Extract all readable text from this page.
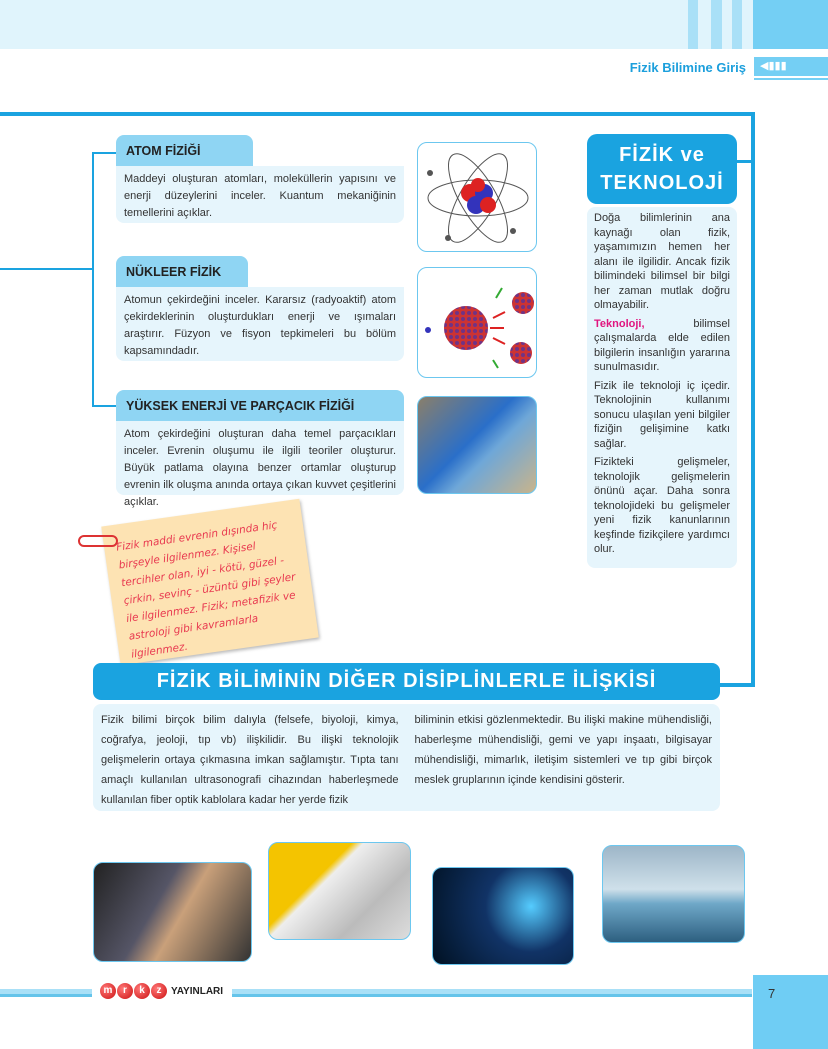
Fizik Bilimine Giriş	◀▮▮▮
ATOM FİZİĞİ
Maddeyi oluşturan atomları, moleküllerin yapısını ve enerji düzeylerini inceler. Kuantum mekaniğinin temellerini açıklar.
NÜKLEER FİZİK
Atomun çekirdeğini inceler. Kararsız (radyoaktif) atom çekirdeklerinin oluşturdukları enerji ve ışımaları araştırır. Füzyon ve fisyon tepkimeleri bu bölüm kapsamındadır.
YÜKSEK ENERJİ VE PARÇACIK FİZİĞİ
Atom çekirdeğini oluşturan daha temel parçacıkları inceler. Evrenin oluşumu ile ilgili teoriler oluşturur. Büyük patlama olayına benzer ortamlar oluşturup evrenin ilk oluşma anında ortaya çıkan kuvvet çeşitlerini açıklar.
FİZİK ve
TEKNOLOJİ

Doğa bilimlerinin ana kaynağı olan fizik, yaşamımızın hemen her alanı ile ilgilidir. Ancak fizik bilimindeki bilimsel bir bilgi her zaman mutlak doğru olmayabilir.

Teknoloji, bilimsel çalışmalarda elde edilen bilgilerin insanlığın yararına sunulmasıdır.

Fizik ile teknoloji iç içedir. Teknolojinin kullanımı sonucu ulaşılan yeni bilgiler fiziğin gelişimine katkı sağlar.

Fizikteki gelişmeler, teknolojik gelişmelerin önünü açar. Daha sonra teknolojideki bu gelişmeler yeni fizik kanunlarının keşfinde fizikçilere yardımcı olur.

Fizik maddi evrenin dışında hiç birşeyle ilgilenmez. Kişisel tercihler olan, iyi - kötü, güzel - çirkin, sevinç - üzüntü gibi şeyler ile ilgilenmez. Fizik; metafizik ve astroloji gibi kavramlarla ilgilenmez.
FİZİK BİLİMİNİN DİĞER DİSİPLİNLERLE İLİŞKİSİ

Fizik bilimi birçok bilim dalıyla (felsefe, biyoloji, kimya, coğrafya, jeoloji, tıp vb) ilişkilidir. Bu ilişki teknolojik gelişmelerin ortaya çıkmasına imkan sağlamıştır. Tıpta tanı amaçlı kullanılan ultrasonografi cihazından haberleşmede kullanılan fiber optik kablolara kadar her yerde fizik

biliminin etkisi gözlenmektedir. Bu ilişki makine mühendisliği, haberleşme mühendisliği, gemi ve yapı inşaatı, bilgisayar mühendisliği, mimarlık, iletişim sistemleri ve tıp gibi birçok meslek gruplarının içinde kendisini gösterir.

m	r	k	z YAYINLARI	7
